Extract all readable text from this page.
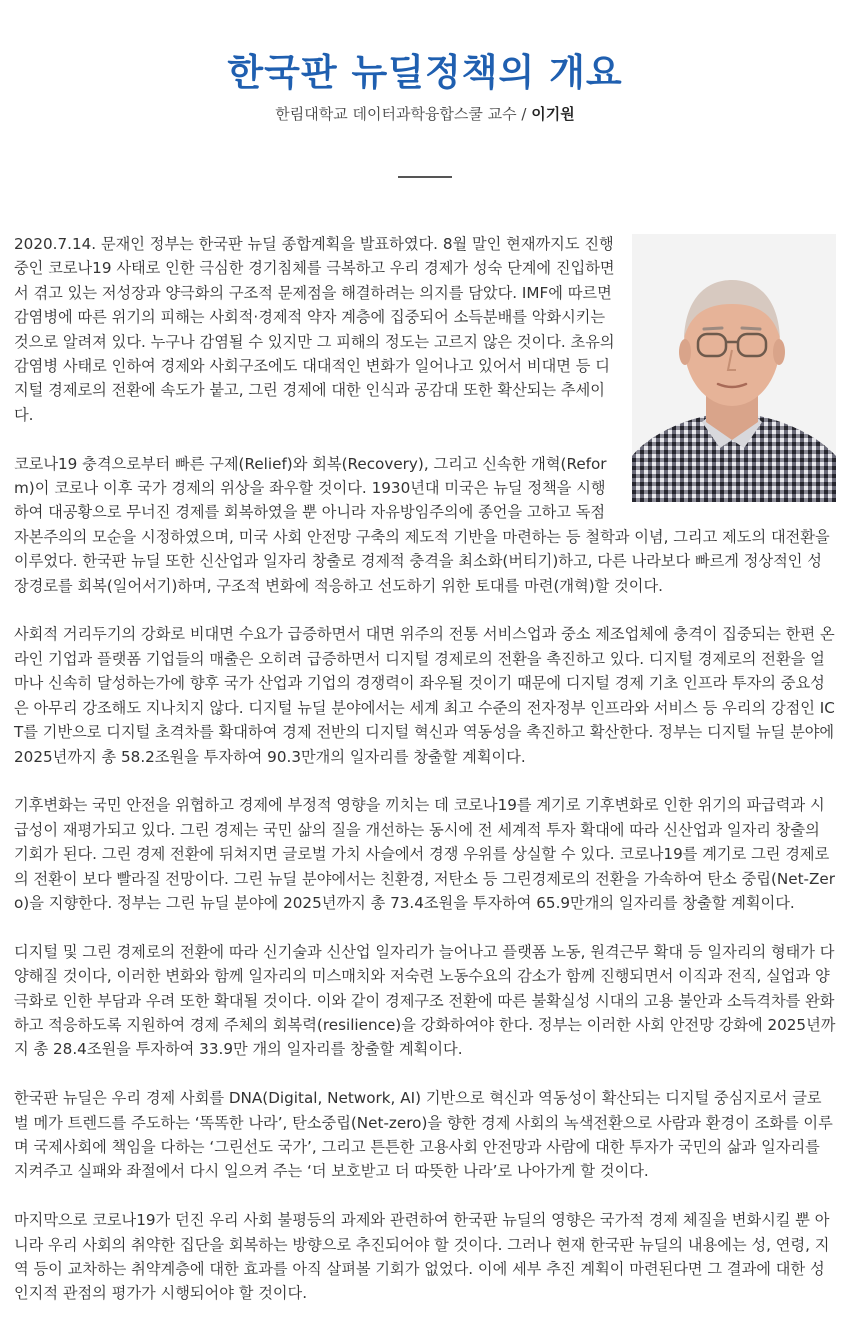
한국판 뉴딜정책의 개요
한림대학교 데이터과학융합스쿨 교수 / 이기원

2020.7.14. 문재인 정부는 한국판 뉴딜 종합계획을 발표하였다. 8월 말인 현재까지도 진행 중인 코로나19 사태로 인한 극심한 경기침체를 극복하고 우리 경제가 성숙 단계에 진입하면서 겪고 있는 저성장과 양극화의 구조적 문제점을 해결하려는 의지를 담았다. IMF에 따르면 감염병에 따른 위기의 피해는 사회적·경제적 약자 계층에 집중되어 소득분배를 악화시키는 것으로 알려져 있다. 누구나 감염될 수 있지만 그 피해의 정도는 고르지 않은 것이다. 초유의 감염병 사태로 인하여 경제와 사회구조에도 대대적인 변화가 일어나고 있어서 비대면 등 디지털 경제로의 전환에 속도가 붙고, 그린 경제에 대한 인식과 공감대 또한 확산되는 추세이다.

코로나19 충격으로부터 빠른 구제(Relief)와 회복(Recovery), 그리고 신속한 개혁(Reform)이 코로나 이후 국가 경제의 위상을 좌우할 것이다. 1930년대 미국은 뉴딜 정책을 시행하여 대공황으로 무너진 경제를 회복하였을 뿐 아니라 자유방임주의에 종언을 고하고 독점자본주의의 모순을 시정하였으며, 미국 사회 안전망 구축의 제도적 기반을 마련하는 등 철학과 이념, 그리고 제도의 대전환을 이루었다. 한국판 뉴딜 또한 신산업과 일자리 창출로 경제적 충격을 최소화(버티기)하고, 다른 나라보다 빠르게 정상적인 성장경로를 회복(일어서기)하며, 구조적 변화에 적응하고 선도하기 위한 토대를 마련(개혁)할 것이다.

사회적 거리두기의 강화로 비대면 수요가 급증하면서 대면 위주의 전통 서비스업과 중소 제조업체에 충격이 집중되는 한편 온라인 기업과 플랫폼 기업들의 매출은 오히려 급증하면서 디지털 경제로의 전환을 촉진하고 있다. 디지털 경제로의 전환을 얼마나 신속히 달성하는가에 향후 국가 산업과 기업의 경쟁력이 좌우될 것이기 때문에 디지털 경제 기초 인프라 투자의 중요성은 아무리 강조해도 지나치지 않다. 디지털 뉴딜 분야에서는 세계 최고 수준의 전자정부 인프라와 서비스 등 우리의 강점인 ICT를 기반으로 디지털 초격차를 확대하여 경제 전반의 디지털 혁신과 역동성을 촉진하고 확산한다. 정부는 디지털 뉴딜 분야에 2025년까지 총 58.2조원을 투자하여 90.3만개의 일자리를 창출할 계획이다.

기후변화는 국민 안전을 위협하고 경제에 부정적 영향을 끼치는 데 코로나19를 계기로 기후변화로 인한 위기의 파급력과 시급성이 재평가되고 있다. 그린 경제는 국민 삶의 질을 개선하는 동시에 전 세계적 투자 확대에 따라 신산업과 일자리 창출의 기회가 된다. 그린 경제 전환에 뒤쳐지면 글로벌 가치 사슬에서 경쟁 우위를 상실할 수 있다. 코로나19를 계기로 그린 경제로의 전환이 보다 빨라질 전망이다. 그린 뉴딜 분야에서는 친환경, 저탄소 등 그린경제로의 전환을 가속하여 탄소 중립(Net-Zero)을 지향한다. 정부는 그린 뉴딜 분야에 2025년까지 총 73.4조원을 투자하여 65.9만개의 일자리를 창출할 계획이다.

디지털 및 그린 경제로의 전환에 따라 신기술과 신산업 일자리가 늘어나고 플랫폼 노동, 원격근무 확대 등 일자리의 형태가 다양해질 것이다, 이러한 변화와 함께 일자리의 미스매치와 저숙련 노동수요의 감소가 함께 진행되면서 이직과 전직, 실업과 양극화로 인한 부담과 우려 또한 확대될 것이다. 이와 같이 경제구조 전환에 따른 불확실성 시대의 고용 불안과 소득격차를 완화하고 적응하도록 지원하여 경제 주체의 회복력(resilience)을 강화하여야 한다. 정부는 이러한 사회 안전망 강화에 2025년까지 총 28.4조원을 투자하여 33.9만 개의 일자리를 창출할 계획이다.

한국판 뉴딜은 우리 경제 사회를 DNA(Digital, Network, AI) 기반으로 혁신과 역동성이 확산되는 디지털 중심지로서 글로벌 메가 트렌드를 주도하는 ‘똑똑한 나라’, 탄소중립(Net-zero)을 향한 경제 사회의 녹색전환으로 사람과 환경이 조화를 이루며 국제사회에 책임을 다하는 ‘그린선도 국가’, 그리고 튼튼한 고용사회 안전망과 사람에 대한 투자가 국민의 삶과 일자리를 지켜주고 실패와 좌절에서 다시 일으켜 주는 ‘더 보호받고 더 따뜻한 나라’로 나아가게 할 것이다.

마지막으로 코로나19가 던진 우리 사회 불평등의 과제와 관련하여 한국판 뉴딜의 영향은 국가적 경제 체질을 변화시킬 뿐 아니라 우리 사회의 취약한 집단을 회복하는 방향으로 추진되어야 할 것이다. 그러나 현재 한국판 뉴딜의 내용에는 성, 연령, 지역 등이 교차하는 취약계층에 대한 효과를 아직 살펴볼 기회가 없었다. 이에 세부 추진 계획이 마련된다면 그 결과에 대한 성인지적 관점의 평가가 시행되어야 할 것이다.
